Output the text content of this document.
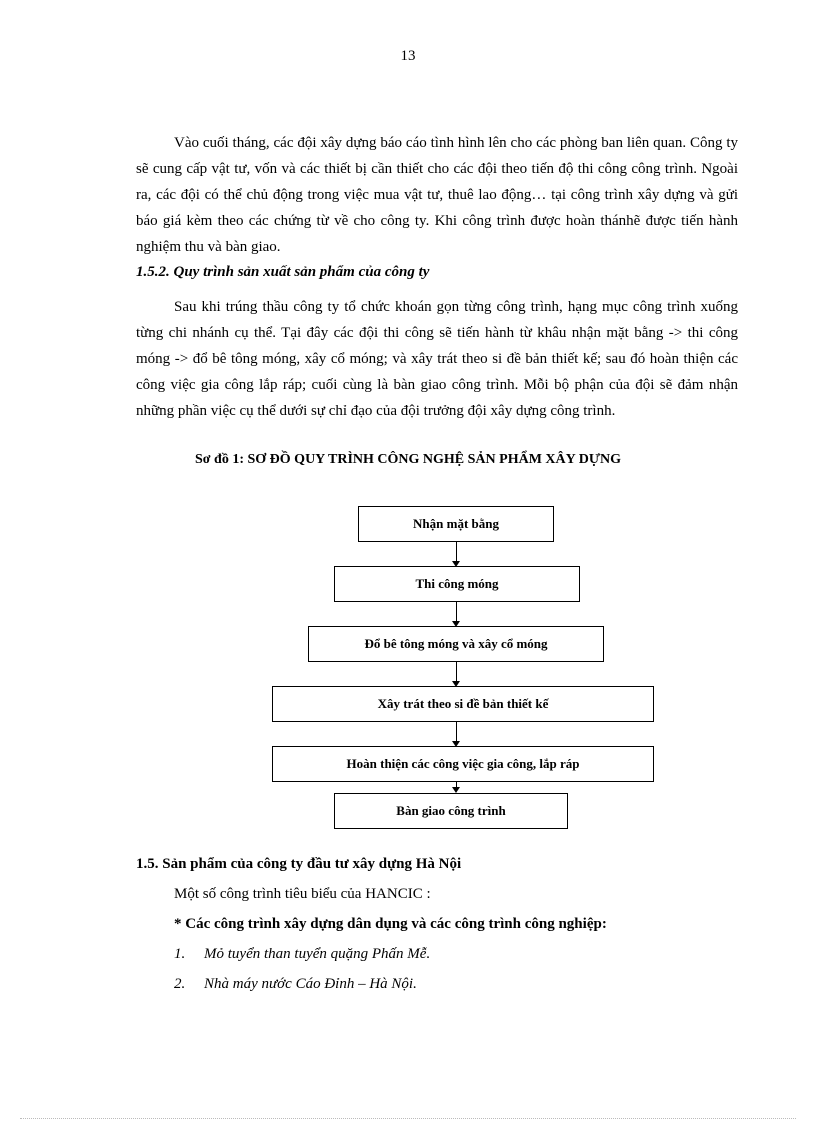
13

Vào cuối tháng, các đội xây dựng báo cáo tình hình lên cho các phòng ban liên quan. Công ty sẽ cung cấp vật tư, vốn và các thiết bị cần thiết cho các đội theo tiến độ thi công công trình. Ngoài ra, các đội có thể chủ động trong việc mua vật tư, thuê lao động… tại công trình xây dựng và gửi báo giá kèm theo các chứng từ về cho công ty. Khi công trình được hoàn thánhẽ được tiến hành nghiệm thu và bàn giao.

1.5.2. Quy trình sản xuất sản phẩm của công ty

Sau khi trúng thầu công ty tổ chức khoán gọn từng công trình, hạng mục công trình xuống từng chi nhánh cụ thể. Tại đây các đội thi công sẽ tiến hành từ khâu nhận mặt bằng -> thi công móng -> đổ bê tông móng, xây cổ móng; và xây trát theo si đề bản thiết kế; sau đó hoàn thiện các công việc gia công lắp ráp; cuối cùng là bàn giao công trình. Mỗi bộ phận của đội sẽ đảm nhận những phần việc cụ thể dưới sự chỉ đạo của đội trưởng đội xây dựng công trình.

Sơ đồ 1: SƠ ĐỒ QUY TRÌNH CÔNG NGHỆ SẢN PHẨM XÂY DỰNG

Nhận mặt bằng
Thi công móng
Đổ bê tông móng và xây cổ móng
Xây trát theo si đề bản thiết kế
Hoàn thiện các công việc gia công, lắp ráp
Bàn giao công trình

1.5. Sản phẩm của công ty đầu tư xây dựng Hà Nội

Một số công trình tiêu biểu của HANCIC :

* Các công trình xây dựng dân dụng và các công trình công nghiệp:

1. Mỏ tuyển than tuyển quặng Phấn Mễ.

2. Nhà máy nước Cáo Đỉnh – Hà Nội.
